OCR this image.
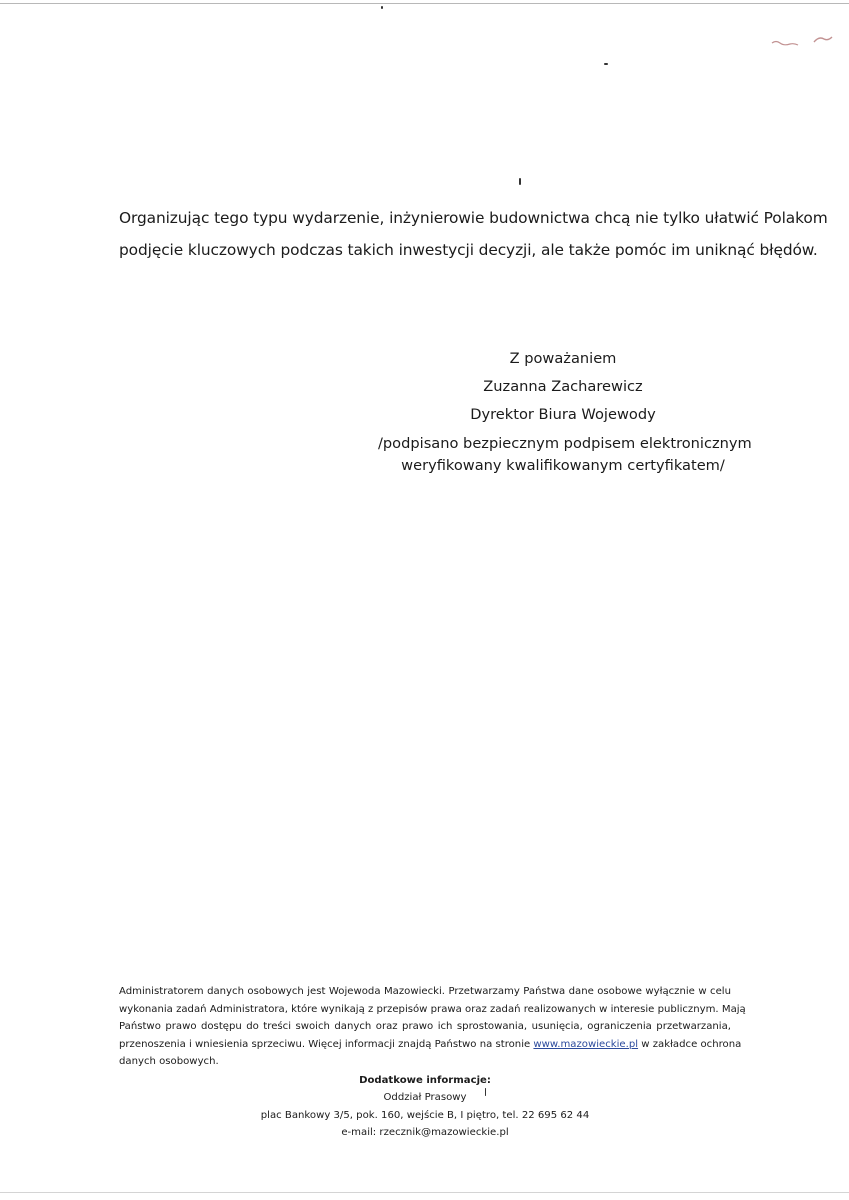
Organizując tego typu wydarzenie, inżynierowie budownictwa chcą nie tylko ułatwić Polakom
podjęcie kluczowych podczas takich inwestycji decyzji, ale także pomóc im uniknąć błędów.

Z poważaniem
Zuzanna Zacharewicz
Dyrektor Biura Wojewody
/podpisano bezpiecznym podpisem elektronicznym
weryfikowany kwalifikowanym certyfikatem/

Administratorem danych osobowych jest Wojewoda Mazowiecki. Przetwarzamy Państwa dane osobowe wyłącznie w celu
wykonania zadań Administratora, które wynikają z przepisów prawa oraz zadań realizowanych w interesie publicznym. Mają
Państwo prawo dostępu do treści swoich danych oraz prawo ich sprostowania, usunięcia, ograniczenia przetwarzania,
przenoszenia i wniesienia sprzeciwu. Więcej informacji znajdą Państwo na stronie www.mazowieckie.pl w zakładce ochrona
danych osobowych.

Dodatkowe informacje:
Oddział Prasowy
plac Bankowy 3/5, pok. 160, wejście B, I piętro, tel. 22 695 62 44
e-mail: rzecznik@mazowieckie.pl
